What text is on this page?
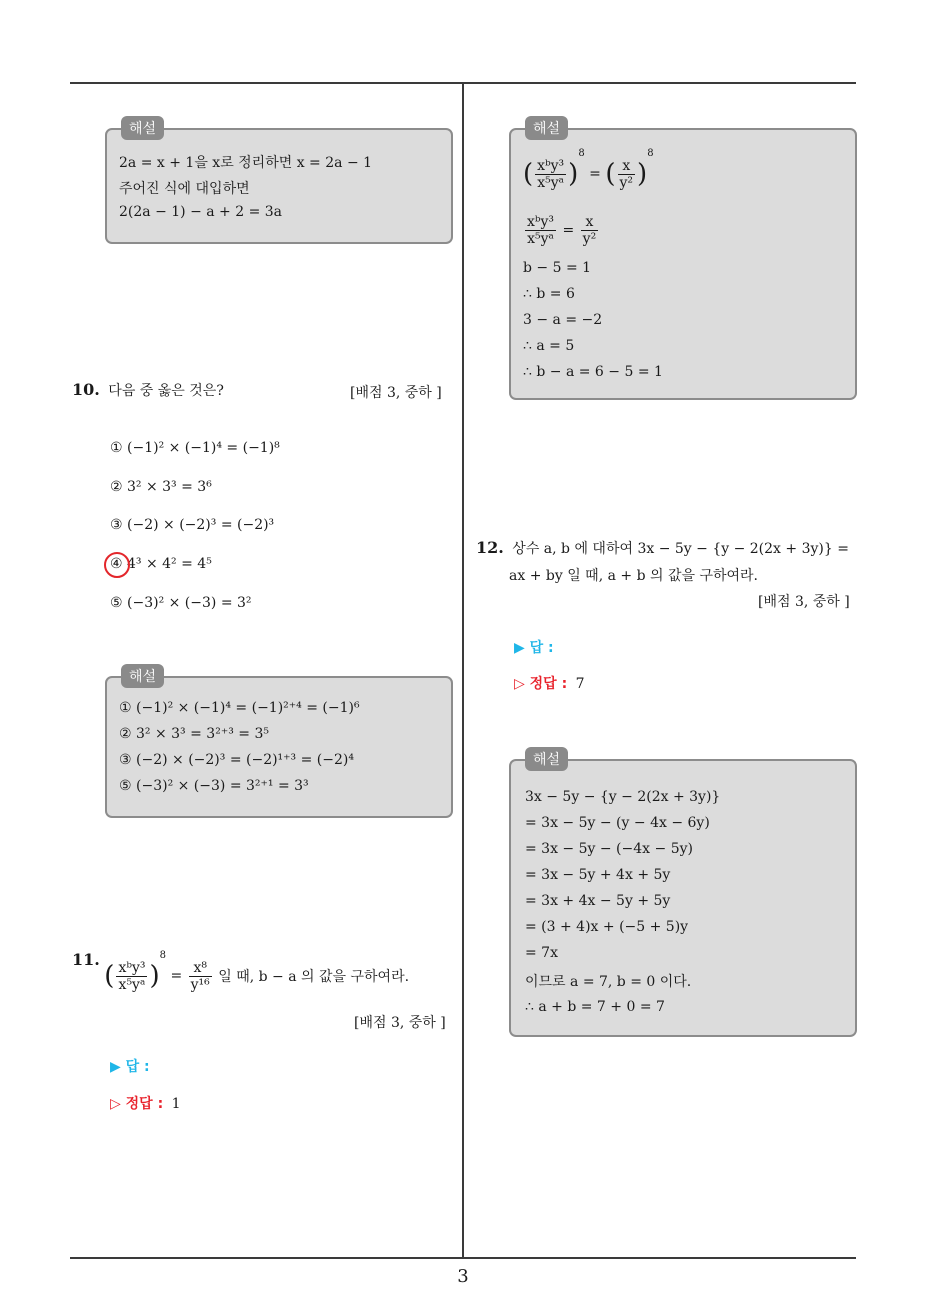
3
해설
2a = x + 1을 x로 정리하면 x = 2a − 1
주어진 식에 대입하면
2(2a − 1) − a + 2 = 3a
10. 다음 중 옳은 것은?	[배점 3, 중하 ]
① (−1)² × (−1)⁴ = (−1)⁸
② 3² × 3³ = 3⁶
③ (−2) × (−2)³ = (−2)³
④ 4³ × 4² = 4⁵
⑤ (−3)² × (−3) = 3²
해설
① (−1)² × (−1)⁴ = (−1)²⁺⁴ = (−1)⁶
② 3² × 3³ = 3²⁺³ = 3⁵
③ (−2) × (−2)³ = (−2)¹⁺³ = (−2)⁴
⑤ (−3)² × (−3) = 3²⁺¹ = 3³
11. ( $\frac{\text{xᵇy³}}{\text{x⁵yᵃ}} )^8 = \frac{\text{x⁸}}{\text{y¹⁶}}$ 일 때, b − a 의 값을 구하여라.
[배점 3, 중하 ]
▶ 답 :
▷ 정답 : 1
해설
( $\frac{\text{xᵇy³}}{\text{x⁵yᵃ}} )^8$ = ( $\frac{x}{\text{y²}} )^8$
$\frac{\text{xᵇy³}}{\text{x⁵yᵃ}} = \frac{x}{\text{y²}}$
b − 5 = 1
∴ b = 6
3 − a = −2
∴ a = 5
∴ b − a = 6 − 5 = 1
12. 상수 a, b 에 대하여 3x − 5y − {y − 2(2x + 3y)} =
ax + by 일 때, a + b 의 값을 구하여라.
[배점 3, 중하 ]
▶ 답 :
▷ 정답 : 7
해설
3x − 5y − {y − 2(2x + 3y)}
= 3x − 5y − (y − 4x − 6y)
= 3x − 5y − (−4x − 5y)
= 3x − 5y + 4x + 5y
= 3x + 4x − 5y + 5y
= (3 + 4)x + (−5 + 5)y
= 7x
이므로 a = 7, b = 0 이다.
∴ a + b = 7 + 0 = 7
